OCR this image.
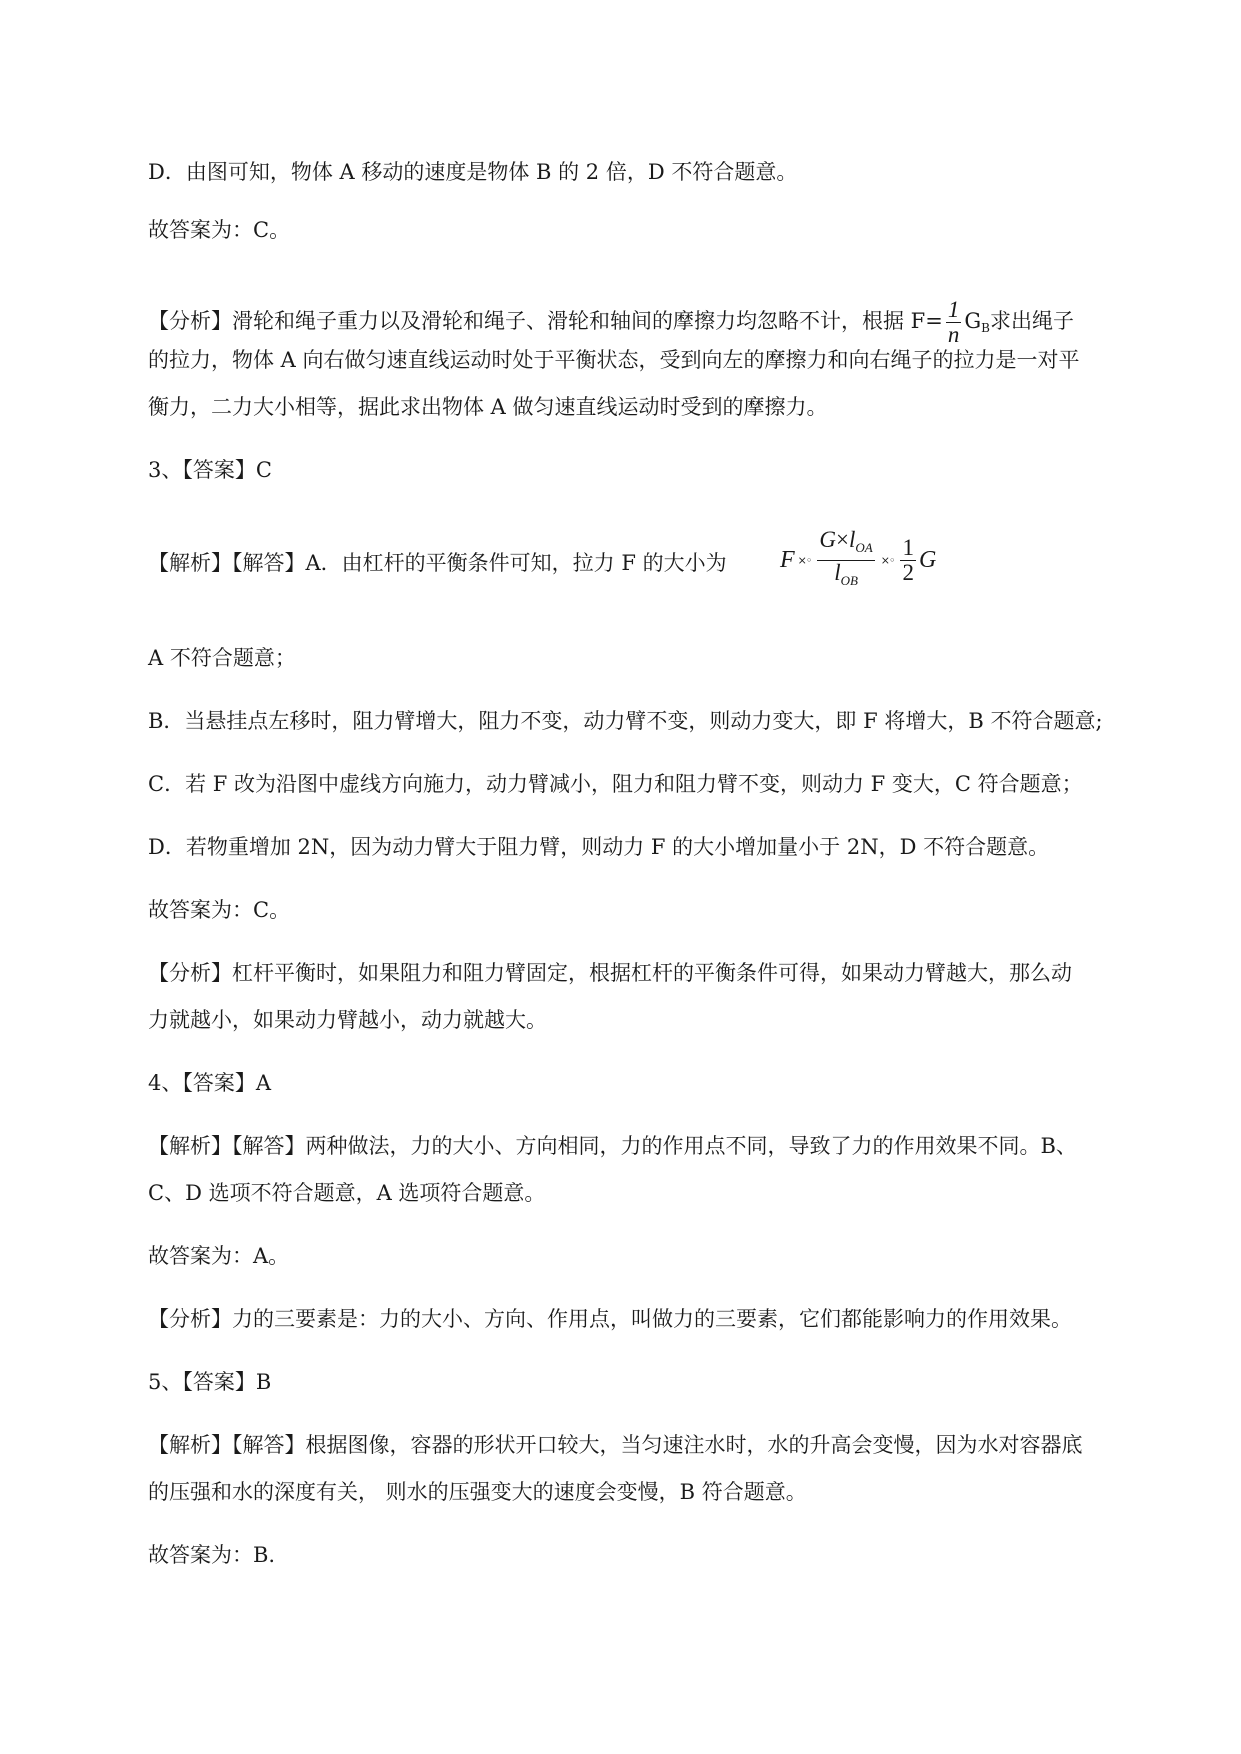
D．由图可知，物体 A 移动的速度是物体 B 的 2 倍，D 不符合题意。
故答案为：C。
【分析】滑轮和绳子重力以及滑轮和绳子、滑轮和轴间的摩擦力均忽略不计，根据 $F= \frac{1}{n} G_B$求出绳子
的拉力，物体 A 向右做匀速直线运动时处于平衡状态，受到向左的摩擦力和向右绳子的拉力是一对平
衡力，二力大小相等，据此求出物体 A 做匀速直线运动时受到的摩擦力。
3、【答案】C
【解析】【解答】A．由杠杆的平衡条件可知，拉力 F 的大小为 F ×◦ $\frac{G\times l_{OA}}{l_{OB}}$ ×◦ $\frac{1}{2}$ G
A 不符合题意；
B．当悬挂点左移时，阻力臂增大，阻力不变，动力臂不变，则动力变大，即 F 将增大，B 不符合题意;
C．若 F 改为沿图中虚线方向施力，动力臂减小，阻力和阻力臂不变，则动力 F 变大，C 符合题意；
D．若物重增加 2N，因为动力臂大于阻力臂，则动力 F 的大小增加量小于 2N，D 不符合题意。
故答案为：C。
【分析】杠杆平衡时，如果阻力和阻力臂固定，根据杠杆的平衡条件可得，如果动力臂越大，那么动
力就越小，如果动力臂越小，动力就越大。
4、【答案】A
【解析】【解答】两种做法，力的大小、方向相同，力的作用点不同，导致了力的作用效果不同。B、
C、D 选项不符合题意，A 选项符合题意。
故答案为：A。
【分析】力的三要素是：力的大小、方向、作用点，叫做力的三要素，它们都能影响力的作用效果。
5、【答案】B
【解析】【解答】根据图像，容器的形状开口较大，当匀速注水时，水的升高会变慢，因为水对容器底
的压强和水的深度有关， 则水的压强变大的速度会变慢，B 符合题意。
故答案为：B.
